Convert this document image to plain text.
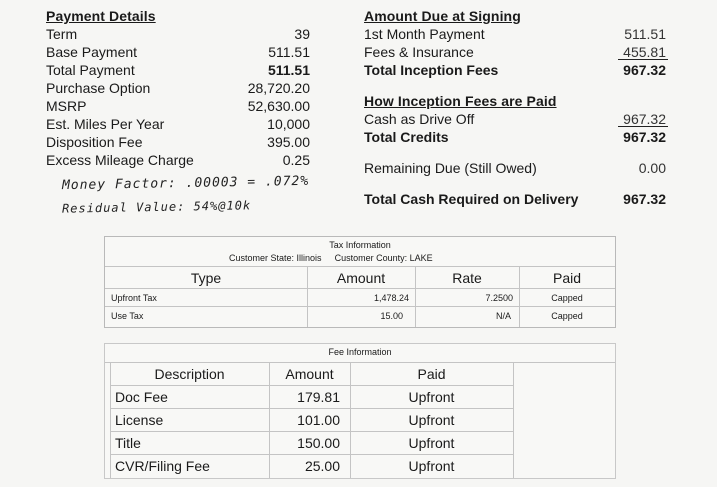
Payment Details
Term	39
Base Payment	511.51
Total Payment	511.51
Purchase Option	28,720.20
MSRP	52,630.00
Est. Miles Per Year	10,000
Disposition Fee	395.00
Excess Mileage Charge	0.25
Money Factor: .00003 = .072%
Residual Value: 54%@10k
Amount Due at Signing
1st Month Payment	511.51
Fees & Insurance	455.81
Total Inception Fees	967.32
How Inception Fees are Paid
Cash as Drive Off	967.32
Total Credits	967.32
Remaining Due (Still Owed)	0.00
Total Cash Required on Delivery	967.32
Tax Information
Customer State: Illinois Customer County: LAKE
Type	Amount	Rate	Paid
Upfront Tax	1,478.24	7.2500	Capped
Use Tax	15.00	N/A	Capped
Fee Information
Description	Amount	Paid
Doc Fee	179.81	Upfront
License	101.00	Upfront
Title	150.00	Upfront
CVR/Filing Fee	25.00	Upfront
